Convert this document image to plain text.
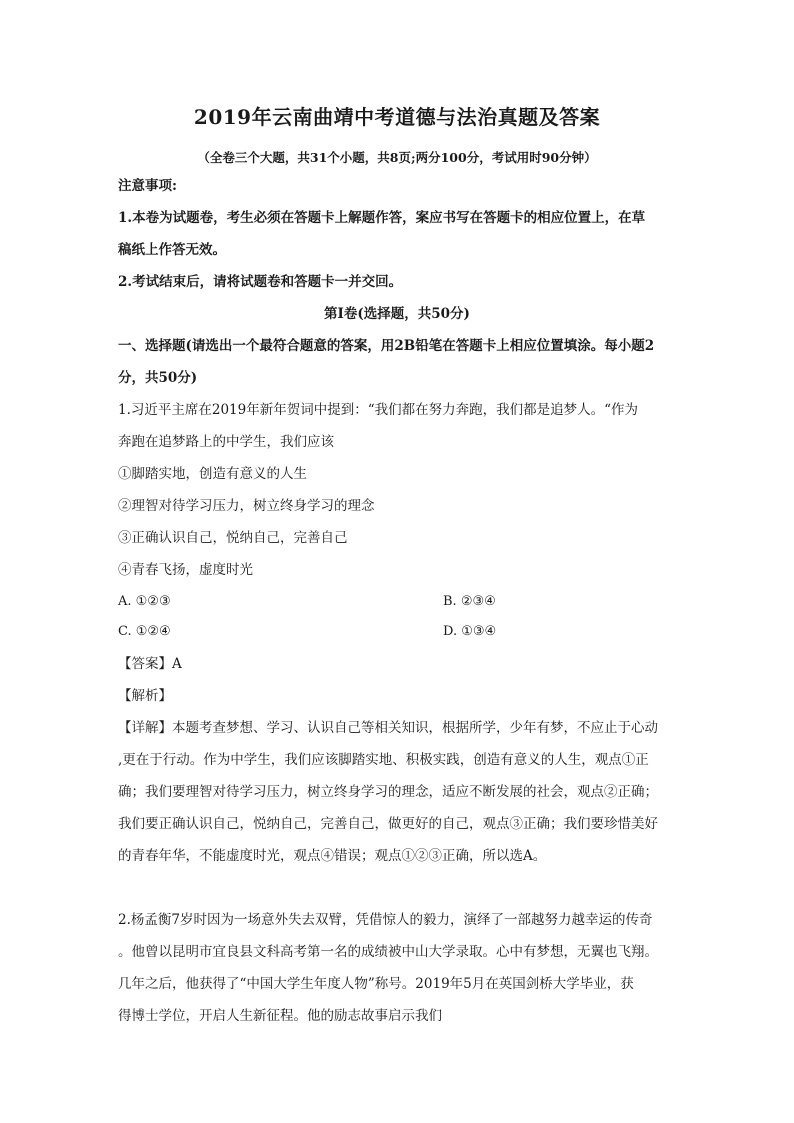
2019年云南曲靖中考道德与法治真题及答案
（全卷三个大题，共31个小题，共8页;两分100分，考试用时90分钟）
注意事项:
1.本卷为试题卷，考生必须在答题卡上解题作答，案应书写在答题卡的相应位置上，在草
稿纸上作答无效。
2.考试结束后，请将试题卷和答题卡一并交回。
第Ⅰ卷(选择题，共50分)
一、选择题(请选出一个最符合题意的答案，用2B铅笔在答题卡上相应位置填涂。每小题2
分，共50分)
1.习近平主席在2019年新年贺词中提到：“我们都在努力奔跑，我们都是追梦人。“作为
奔跑在追梦路上的中学生，我们应该
①脚踏实地，创造有意义的人生
②理智对待学习压力，树立终身学习的理念
③正确认识自己，悦纳自己，完善自己
④青春飞扬，虚度时光
A. ①②③	B. ②③④
C. ①②④	D. ①③④
【答案】A
【解析】
【详解】本题考查梦想、学习、认识自己等相关知识，根据所学，少年有梦，不应止于心动
,更在于行动。作为中学生，我们应该脚踏实地、积极实践，创造有意义的人生，观点①正
确；我们要理智对待学习压力，树立终身学习的理念，适应不断发展的社会，观点②正确；
我们要正确认识自己，悦纳自己，完善自己，做更好的自己，观点③正确；我们要珍惜美好
的青春年华，不能虚度时光，观点④错误；观点①②③正确，所以选A。
2.杨孟衡7岁时因为一场意外失去双臂，凭借惊人的毅力，演绎了一部越努力越幸运的传奇
。他曾以昆明市宜良县文科高考第一名的成绩被中山大学录取。心中有梦想，无翼也飞翔。
几年之后，他获得了“中国大学生年度人物”称号。2019年5月在英国剑桥大学毕业，获
得博士学位，开启人生新征程。他的励志故事启示我们
